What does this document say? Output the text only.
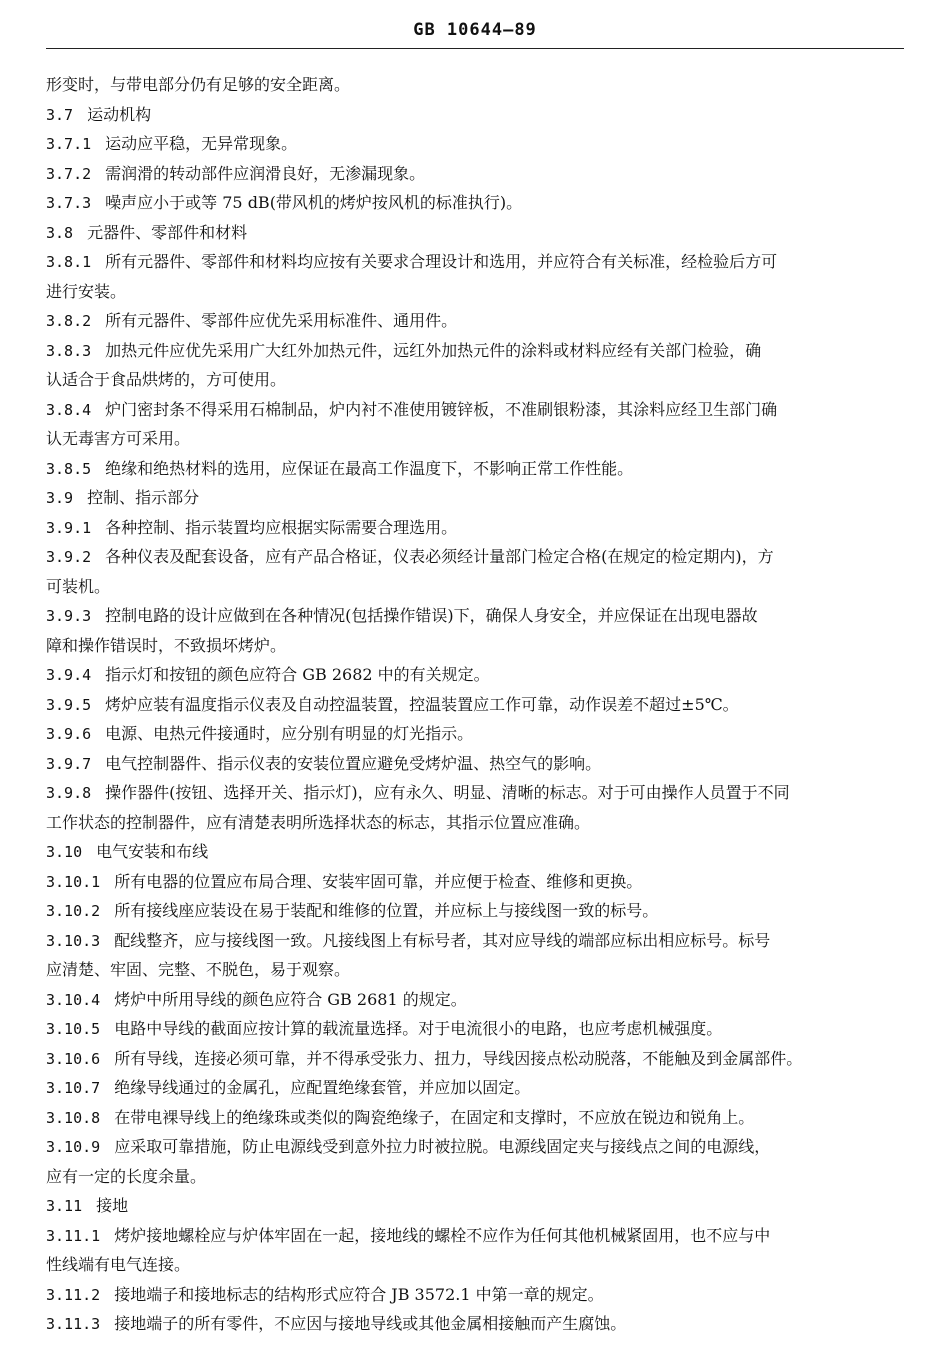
GB 10644—89
形变时，与带电部分仍有足够的安全距离。
3.7 运动机构
3.7.1 运动应平稳，无异常现象。
3.7.2 需润滑的转动部件应润滑良好，无渗漏现象。
3.7.3 噪声应小于或等 75 dB(带风机的烤炉按风机的标准执行)。
3.8 元器件、零部件和材料
3.8.1 所有元器件、零部件和材料均应按有关要求合理设计和选用，并应符合有关标准，经检验后方可
进行安装。
3.8.2 所有元器件、零部件应优先采用标准件、通用件。
3.8.3 加热元件应优先采用广大红外加热元件，远红外加热元件的涂料或材料应经有关部门检验，确
认适合于食品烘烤的，方可使用。
3.8.4 炉门密封条不得采用石棉制品，炉内衬不准使用镀锌板，不准刷银粉漆，其涂料应经卫生部门确
认无毒害方可采用。
3.8.5 绝缘和绝热材料的选用，应保证在最高工作温度下，不影响正常工作性能。
3.9 控制、指示部分
3.9.1 各种控制、指示装置均应根据实际需要合理选用。
3.9.2 各种仪表及配套设备，应有产品合格证，仪表必须经计量部门检定合格(在规定的检定期内)，方
可装机。
3.9.3 控制电路的设计应做到在各种情况(包括操作错误)下，确保人身安全，并应保证在出现电器故
障和操作错误时，不致损坏烤炉。
3.9.4 指示灯和按钮的颜色应符合 GB 2682 中的有关规定。
3.9.5 烤炉应装有温度指示仪表及自动控温装置，控温装置应工作可靠，动作误差不超过±5℃。
3.9.6 电源、电热元件接通时，应分别有明显的灯光指示。
3.9.7 电气控制器件、指示仪表的安装位置应避免受烤炉温、热空气的影响。
3.9.8 操作器件(按钮、选择开关、指示灯)，应有永久、明显、清晰的标志。对于可由操作人员置于不同
工作状态的控制器件，应有清楚表明所选择状态的标志，其指示位置应准确。
3.10 电气安装和布线
3.10.1 所有电器的位置应布局合理、安装牢固可靠，并应便于检查、维修和更换。
3.10.2 所有接线座应装设在易于装配和维修的位置，并应标上与接线图一致的标号。
3.10.3 配线整齐，应与接线图一致。凡接线图上有标号者，其对应导线的端部应标出相应标号。标号
应清楚、牢固、完整、不脱色，易于观察。
3.10.4 烤炉中所用导线的颜色应符合 GB 2681 的规定。
3.10.5 电路中导线的截面应按计算的载流量选择。对于电流很小的电路，也应考虑机械强度。
3.10.6 所有导线，连接必须可靠，并不得承受张力、扭力，导线因接点松动脱落，不能触及到金属部件。
3.10.7 绝缘导线通过的金属孔，应配置绝缘套管，并应加以固定。
3.10.8 在带电裸导线上的绝缘珠或类似的陶瓷绝缘子，在固定和支撑时，不应放在锐边和锐角上。
3.10.9 应采取可靠措施，防止电源线受到意外拉力时被拉脱。电源线固定夹与接线点之间的电源线，
应有一定的长度余量。
3.11 接地
3.11.1 烤炉接地螺栓应与炉体牢固在一起，接地线的螺栓不应作为任何其他机械紧固用，也不应与中
性线端有电气连接。
3.11.2 接地端子和接地标志的结构形式应符合 JB 3572.1 中第一章的规定。
3.11.3 接地端子的所有零件，不应因与接地导线或其他金属相接触而产生腐蚀。
